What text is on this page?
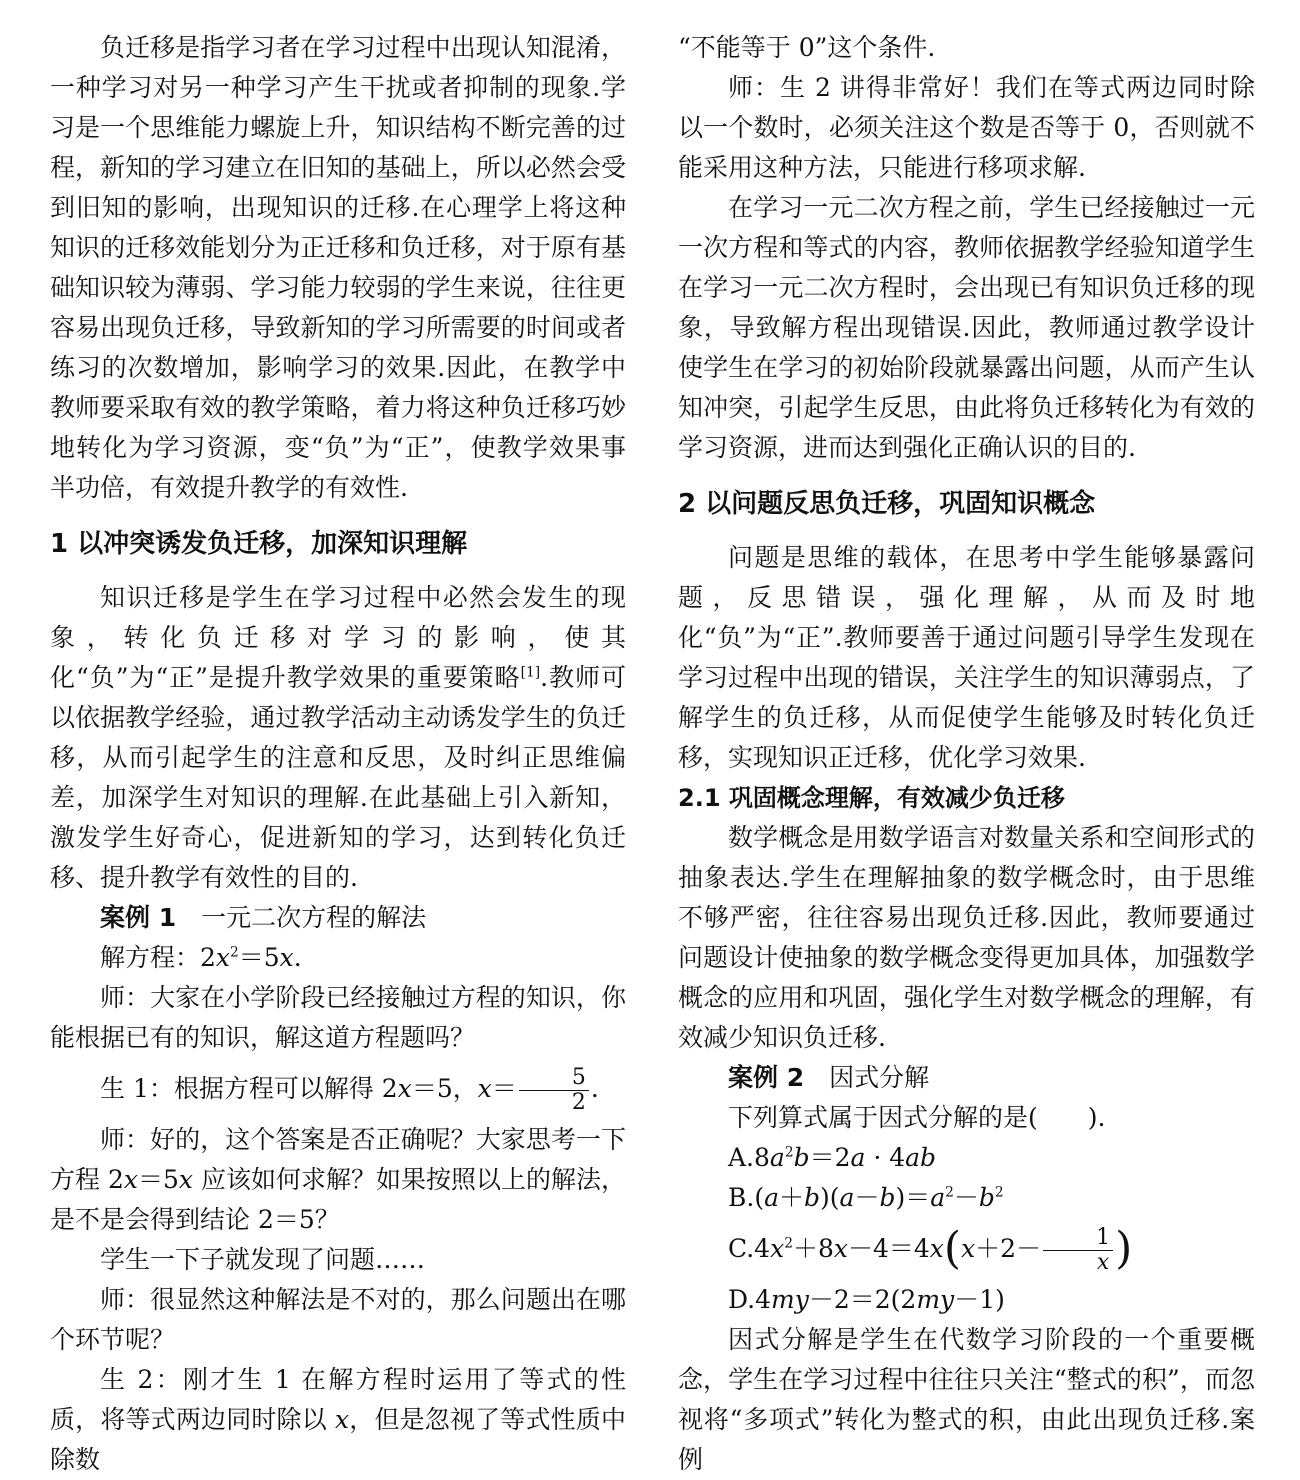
负迁移是指学习者在学习过程中出现认知混淆，一种学习对另一种学习产生干扰或者抑制的现象.学习是一个思维能力螺旋上升，知识结构不断完善的过程，新知的学习建立在旧知的基础上，所以必然会受到旧知的影响，出现知识的迁移.在心理学上将这种知识的迁移效能划分为正迁移和负迁移，对于原有基础知识较为薄弱、学习能力较弱的学生来说，往往更容易出现负迁移，导致新知的学习所需要的时间或者练习的次数增加，影响学习的效果.因此，在教学中教师要采取有效的教学策略，着力将这种负迁移巧妙地转化为学习资源，变“负”为“正”，使教学效果事半功倍，有效提升教学的有效性.

1 以冲突诱发负迁移，加深知识理解

知识迁移是学生在学习过程中必然会发生的现象，转化负迁移对学习的影响，使其化“负”为“正”是提升教学效果的重要策略[1].教师可以依据教学经验，通过教学活动主动诱发学生的负迁移，从而引起学生的注意和反思，及时纠正思维偏差，加深学生对知识的理解.在此基础上引入新知，激发学生好奇心，促进新知的学习，达到转化负迁移、提升教学有效性的目的.

案例 1　 一元二次方程的解法

解方程：$2x^2=5x$.

师：大家在小学阶段已经接触过方程的知识，你能根据已有的知识，解这道方程题吗？

生 1：根据方程可以解得 2x＝5，$x= \frac{5}{2}$ .

师：好的，这个答案是否正确呢？大家思考一下方程 2x＝5x 应该如何求解？如果按照以上的解法，是不是会得到结论 2＝5？

学生一下子就发现了问题……

师：很显然这种解法是不对的，那么问题出在哪个环节呢？

生 2：刚才生 1 在解方程时运用了等式的性质，将等式两边同时除以 x，但是忽视了等式性质中除数

“不能等于 0”这个条件.

师：生 2 讲得非常好！我们在等式两边同时除以一个数时，必须关注这个数是否等于 0，否则就不能采用这种方法，只能进行移项求解.

在学习一元二次方程之前，学生已经接触过一元一次方程和等式的内容，教师依据教学经验知道学生在学习一元二次方程时，会出现已有知识负迁移的现象，导致解方程出现错误.因此，教师通过教学设计使学生在学习的初始阶段就暴露出问题，从而产生认知冲突，引起学生反思，由此将负迁移转化为有效的学习资源，进而达到强化正确认识的目的.

2 以问题反思负迁移，巩固知识概念

问题是思维的载体，在思考中学生能够暴露问题，反思错误，强化理解，从而及时地化“负”为“正”.教师要善于通过问题引导学生发现在学习过程中出现的错误，关注学生的知识薄弱点，了解学生的负迁移，从而促使学生能够及时转化负迁移，实现知识正迁移，优化学习效果.

2.1 巩固概念理解，有效减少负迁移

数学概念是用数学语言对数量关系和空间形式的抽象表达.学生在理解抽象的数学概念时，由于思维不够严密，往往容易出现负迁移.因此，教师要通过问题设计使抽象的数学概念变得更加具体，加强数学概念的应用和巩固，强化学生对数学概念的理解，有效减少知识负迁移.

案例 2　 因式分解

下列算式属于因式分解的是(　　).

$A.8a^2b=2a \cdot 4ab$

$B.(a+b)(a-b)=a^2-b^2$

$C.4x^2+8x-4=4x(x+2- \frac{1}{x}$ )

D.4my－2＝2(2my－1)

因式分解是学生在代数学习阶段的一个重要概念，学生在学习过程中往往只关注“整式的积”，而忽视将“多项式”转化为整式的积，由此出现负迁移.案例
